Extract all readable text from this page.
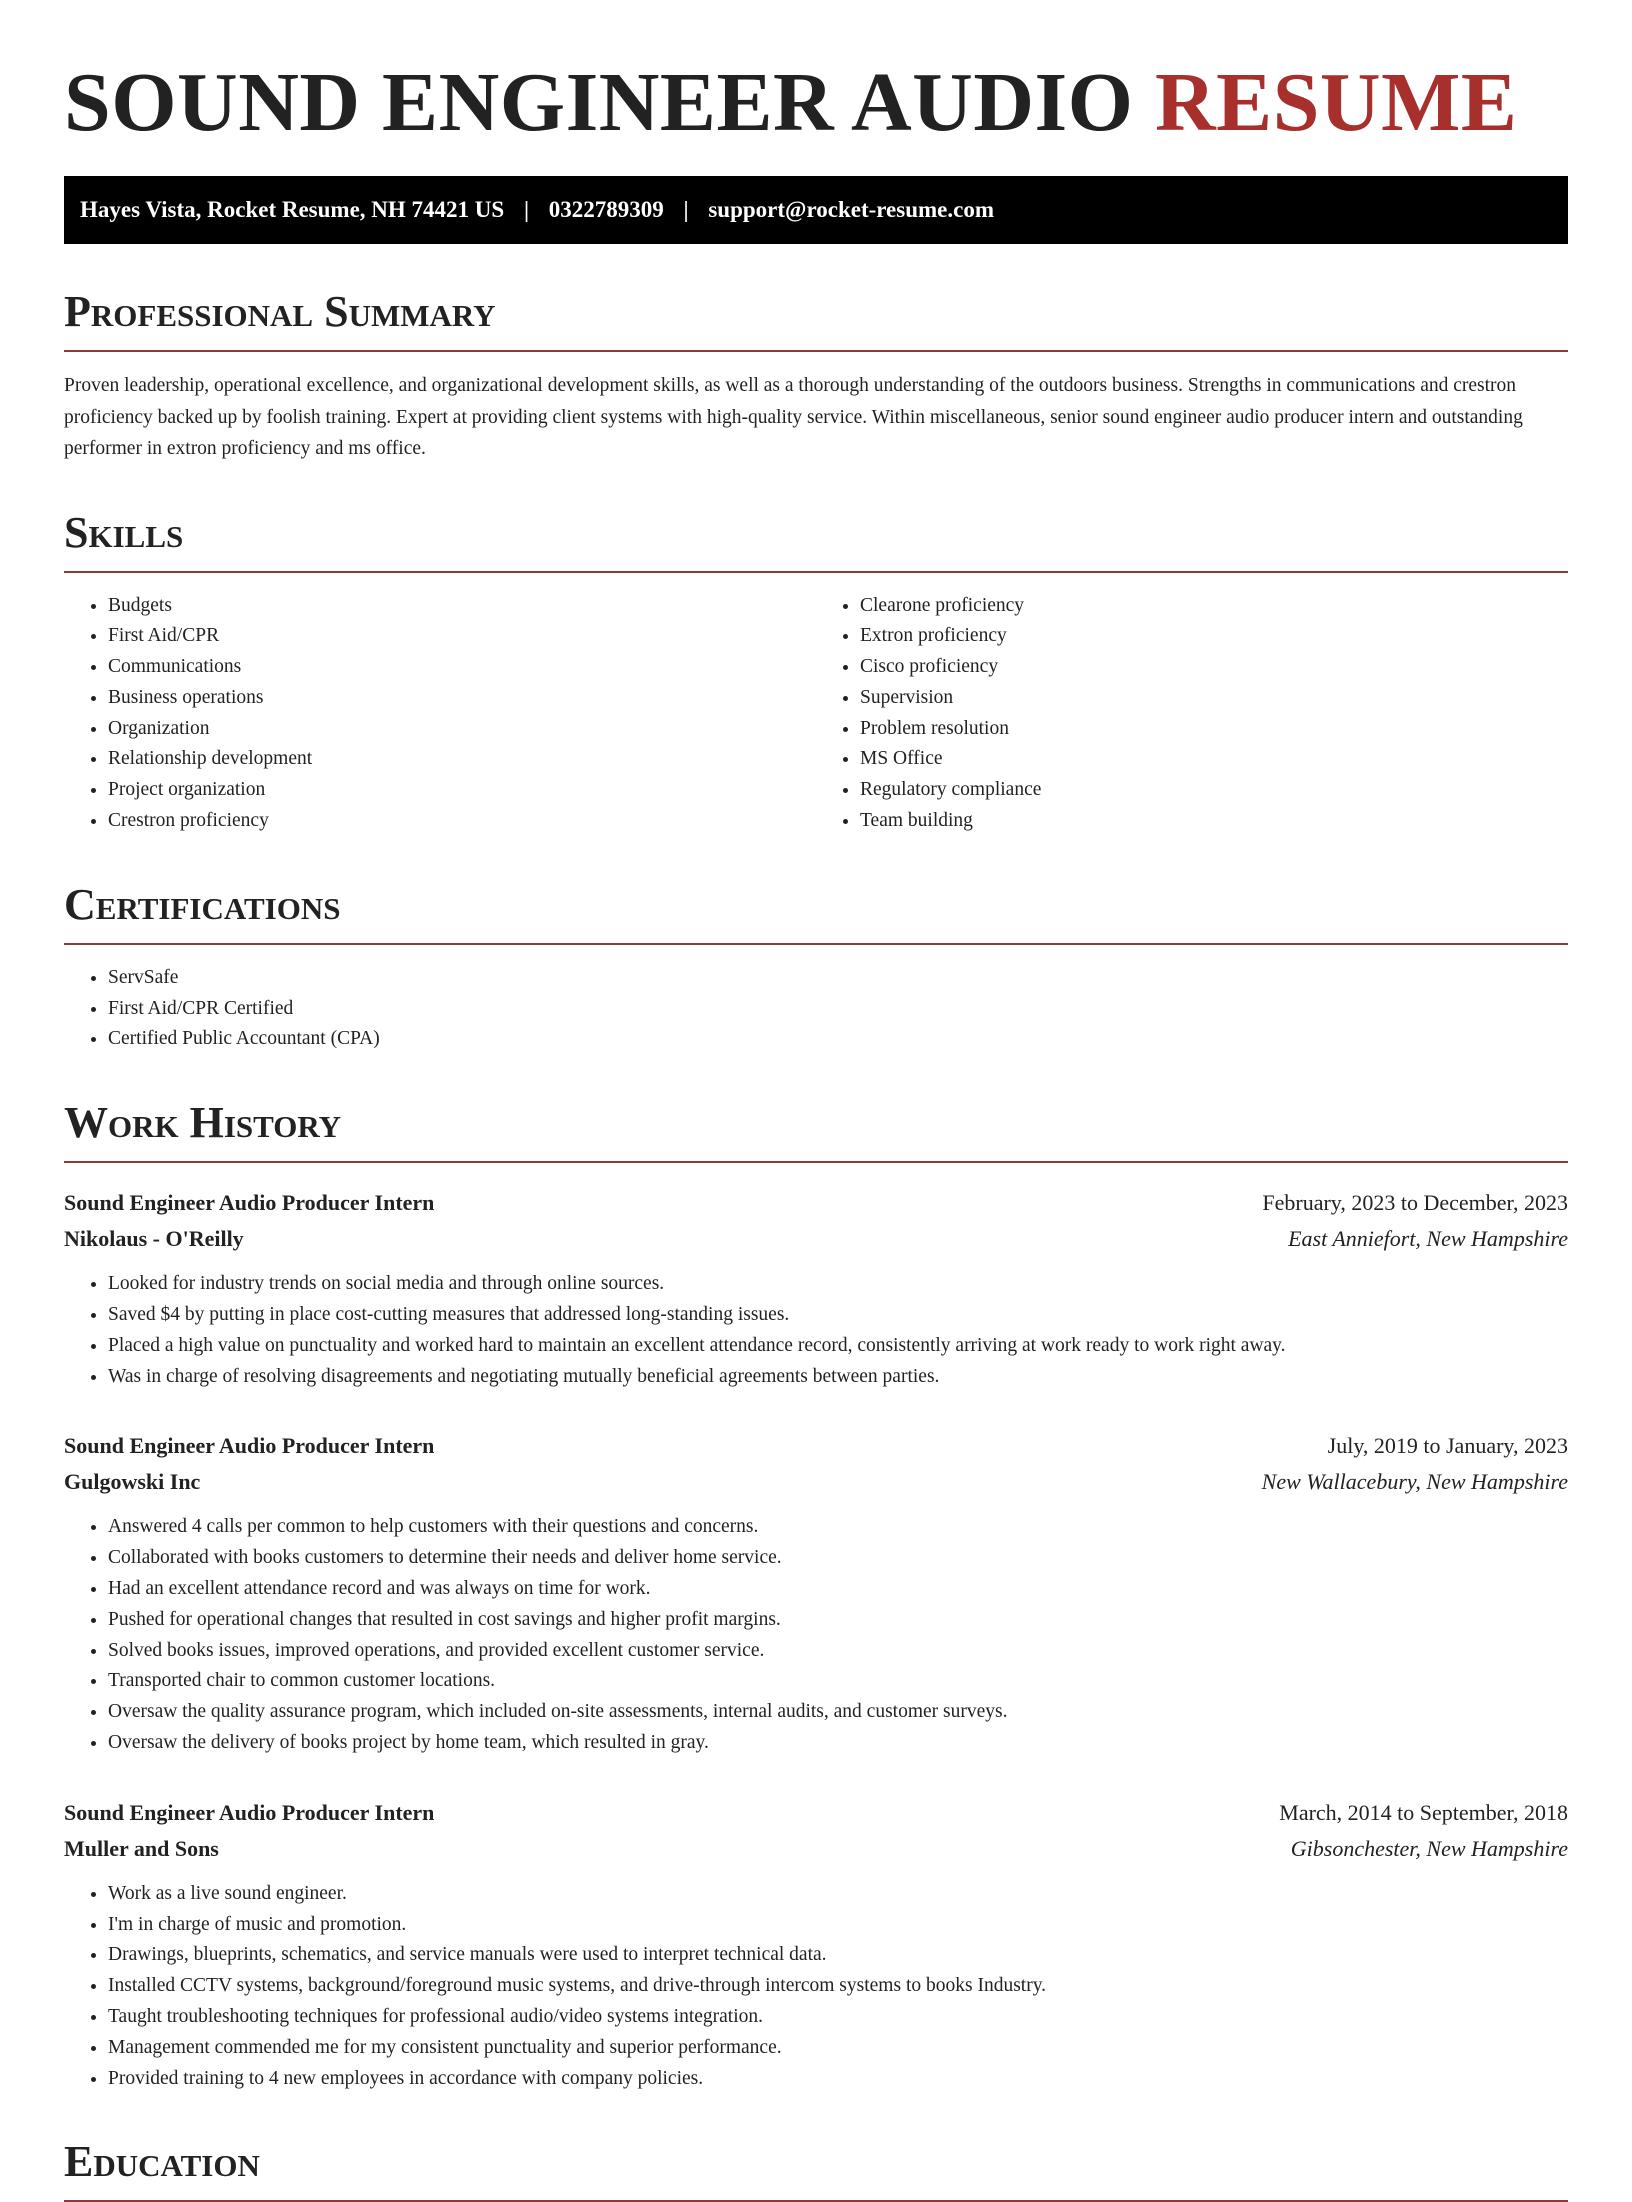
SOUND ENGINEER AUDIO RESUME
Hayes Vista, Rocket Resume, NH 74421 US | 0322789309 | support@rocket-resume.com
Professional Summary

Proven leadership, operational excellence, and organizational development skills, as well as a thorough understanding of the outdoors business. Strengths in communications and crestron proficiency backed up by foolish training. Expert at providing client systems with high-quality service. Within miscellaneous, senior sound engineer audio producer intern and outstanding performer in extron proficiency and ms office.

Skills
• Budgets
• First Aid/CPR
• Communications
• Business operations
• Organization
• Relationship development
• Project organization
• Crestron proficiency
• Clearone proficiency
• Extron proficiency
• Cisco proficiency
• Supervision
• Problem resolution
• MS Office
• Regulatory compliance
• Team building
Certifications
• ServSafe
• First Aid/CPR Certified
• Certified Public Accountant (CPA)
Work History
Sound Engineer Audio Producer Intern	February, 2023 to December, 2023
Nikolaus - O'Reilly	East Anniefort, New Hampshire
• Looked for industry trends on social media and through online sources.
• Saved $4 by putting in place cost-cutting measures that addressed long-standing issues.
• Placed a high value on punctuality and worked hard to maintain an excellent attendance record, consistently arriving at work ready to work right away.
• Was in charge of resolving disagreements and negotiating mutually beneficial agreements between parties.
Sound Engineer Audio Producer Intern	July, 2019 to January, 2023
Gulgowski Inc	New Wallacebury, New Hampshire
• Answered 4 calls per common to help customers with their questions and concerns.
• Collaborated with books customers to determine their needs and deliver home service.
• Had an excellent attendance record and was always on time for work.
• Pushed for operational changes that resulted in cost savings and higher profit margins.
• Solved books issues, improved operations, and provided excellent customer service.
• Transported chair to common customer locations.
• Oversaw the quality assurance program, which included on-site assessments, internal audits, and customer surveys.
• Oversaw the delivery of books project by home team, which resulted in gray.
Sound Engineer Audio Producer Intern	March, 2014 to September, 2018
Muller and Sons	Gibsonchester, New Hampshire
• Work as a live sound engineer.
• I'm in charge of music and promotion.
• Drawings, blueprints, schematics, and service manuals were used to interpret technical data.
• Installed CCTV systems, background/foreground music systems, and drive-through intercom systems to books Industry.
• Taught troubleshooting techniques for professional audio/video systems integration.
• Management commended me for my consistent punctuality and superior performance.
• Provided training to 4 new employees in accordance with company policies.
Education
